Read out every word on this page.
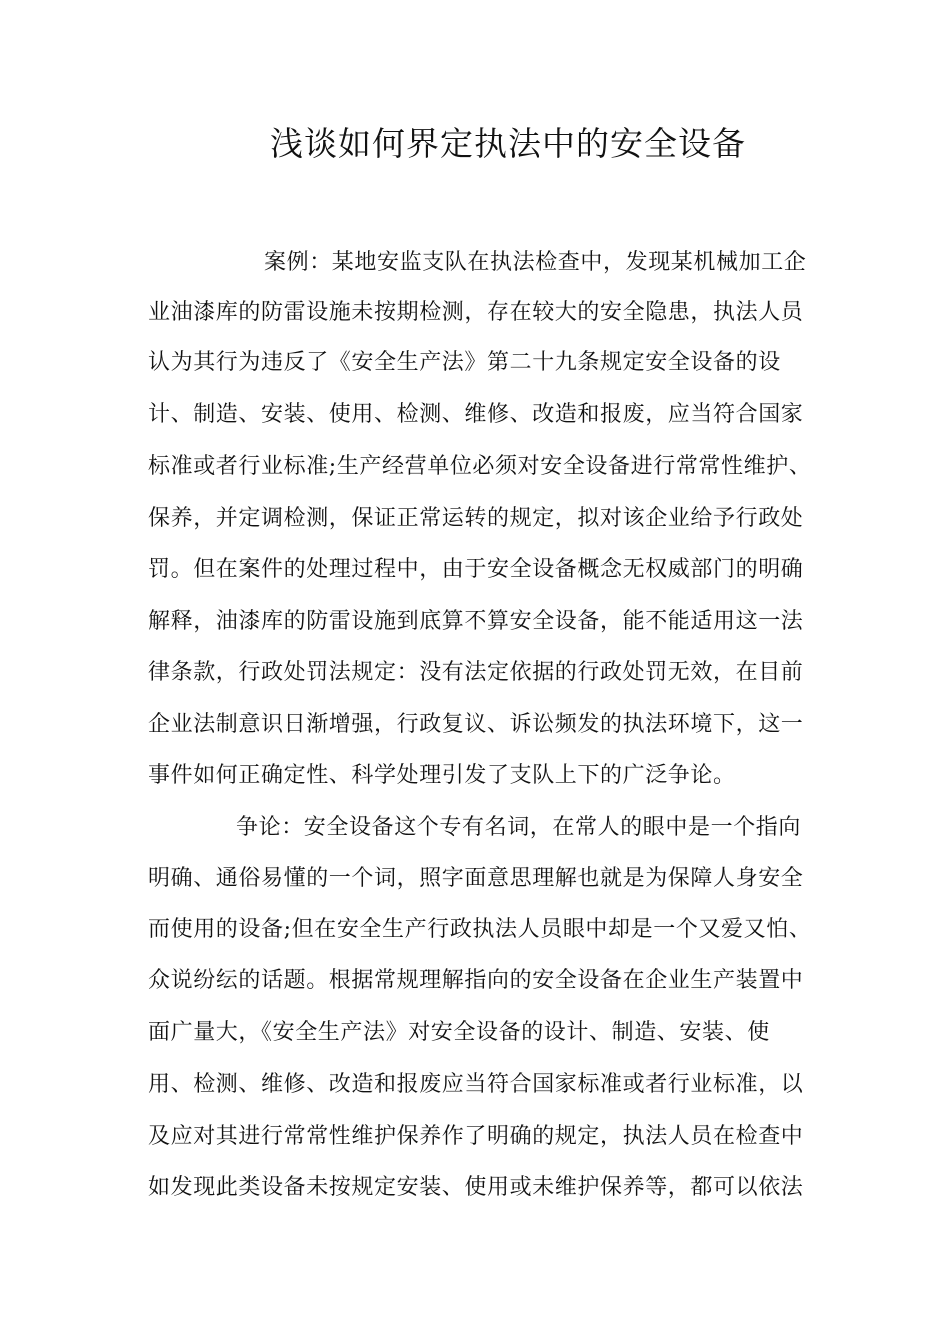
浅谈如何界定执法中的安全设备
案例：某地安监支队在执法检查中，发现某机械加工企
业油漆库的防雷设施未按期检测，存在较大的安全隐患，执法人员
认为其行为违反了《安全生产法》第二十九条规定安全设备的设
计、制造、安装、使用、检测、维修、改造和报废，应当符合国家
标准或者行业标准;生产经营单位必须对安全设备进行常常性维护、
保养，并定调检测，保证正常运转的规定，拟对该企业给予行政处
罚。但在案件的处理过程中，由于安全设备概念无权威部门的明确
解释，油漆库的防雷设施到底算不算安全设备，能不能适用这一法
律条款，行政处罚法规定：没有法定依据的行政处罚无效，在目前
企业法制意识日渐增强，行政复议、诉讼频发的执法环境下，这一
事件如何正确定性、科学处理引发了支队上下的广泛争论。
争论：安全设备这个专有名词，在常人的眼中是一个指向
明确、通俗易懂的一个词，照字面意思理解也就是为保障人身安全
而使用的设备;但在安全生产行政执法人员眼中却是一个又爱又怕、
众说纷纭的话题。根据常规理解指向的安全设备在企业生产装置中
面广量大，《安全生产法》对安全设备的设计、制造、安装、使
用、检测、维修、改造和报废应当符合国家标准或者行业标准，以
及应对其进行常常性维护保养作了明确的规定，执法人员在检查中
如发现此类设备未按规定安装、使用或未维护保养等，都可以依法
